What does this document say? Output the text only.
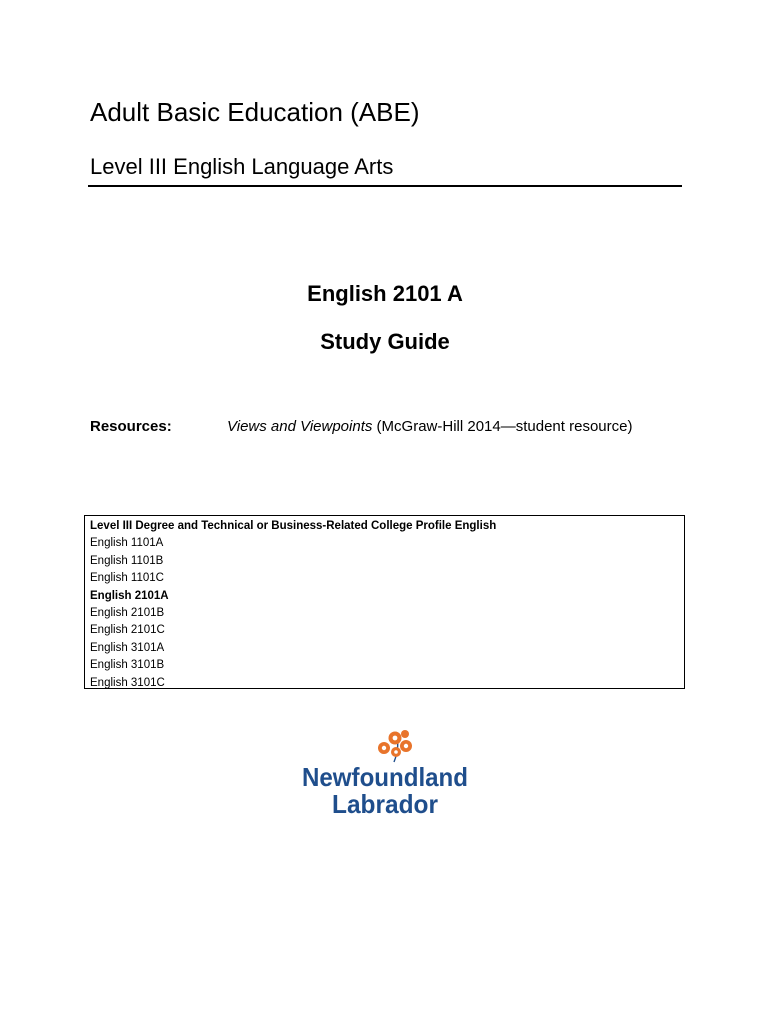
Adult Basic Education (ABE)
Level III English Language Arts
English 2101 A
Study Guide
Resources:	Views and Viewpoints (McGraw-Hill 2014—student resource)
Level III Degree and Technical or Business-Related College Profile English
English 1101A
English 1101B
English 1101C
English 2101A
English 2101B
English 2101C
English 3101A
English 3101B
English 3101C
Newfoundland
Labrador
